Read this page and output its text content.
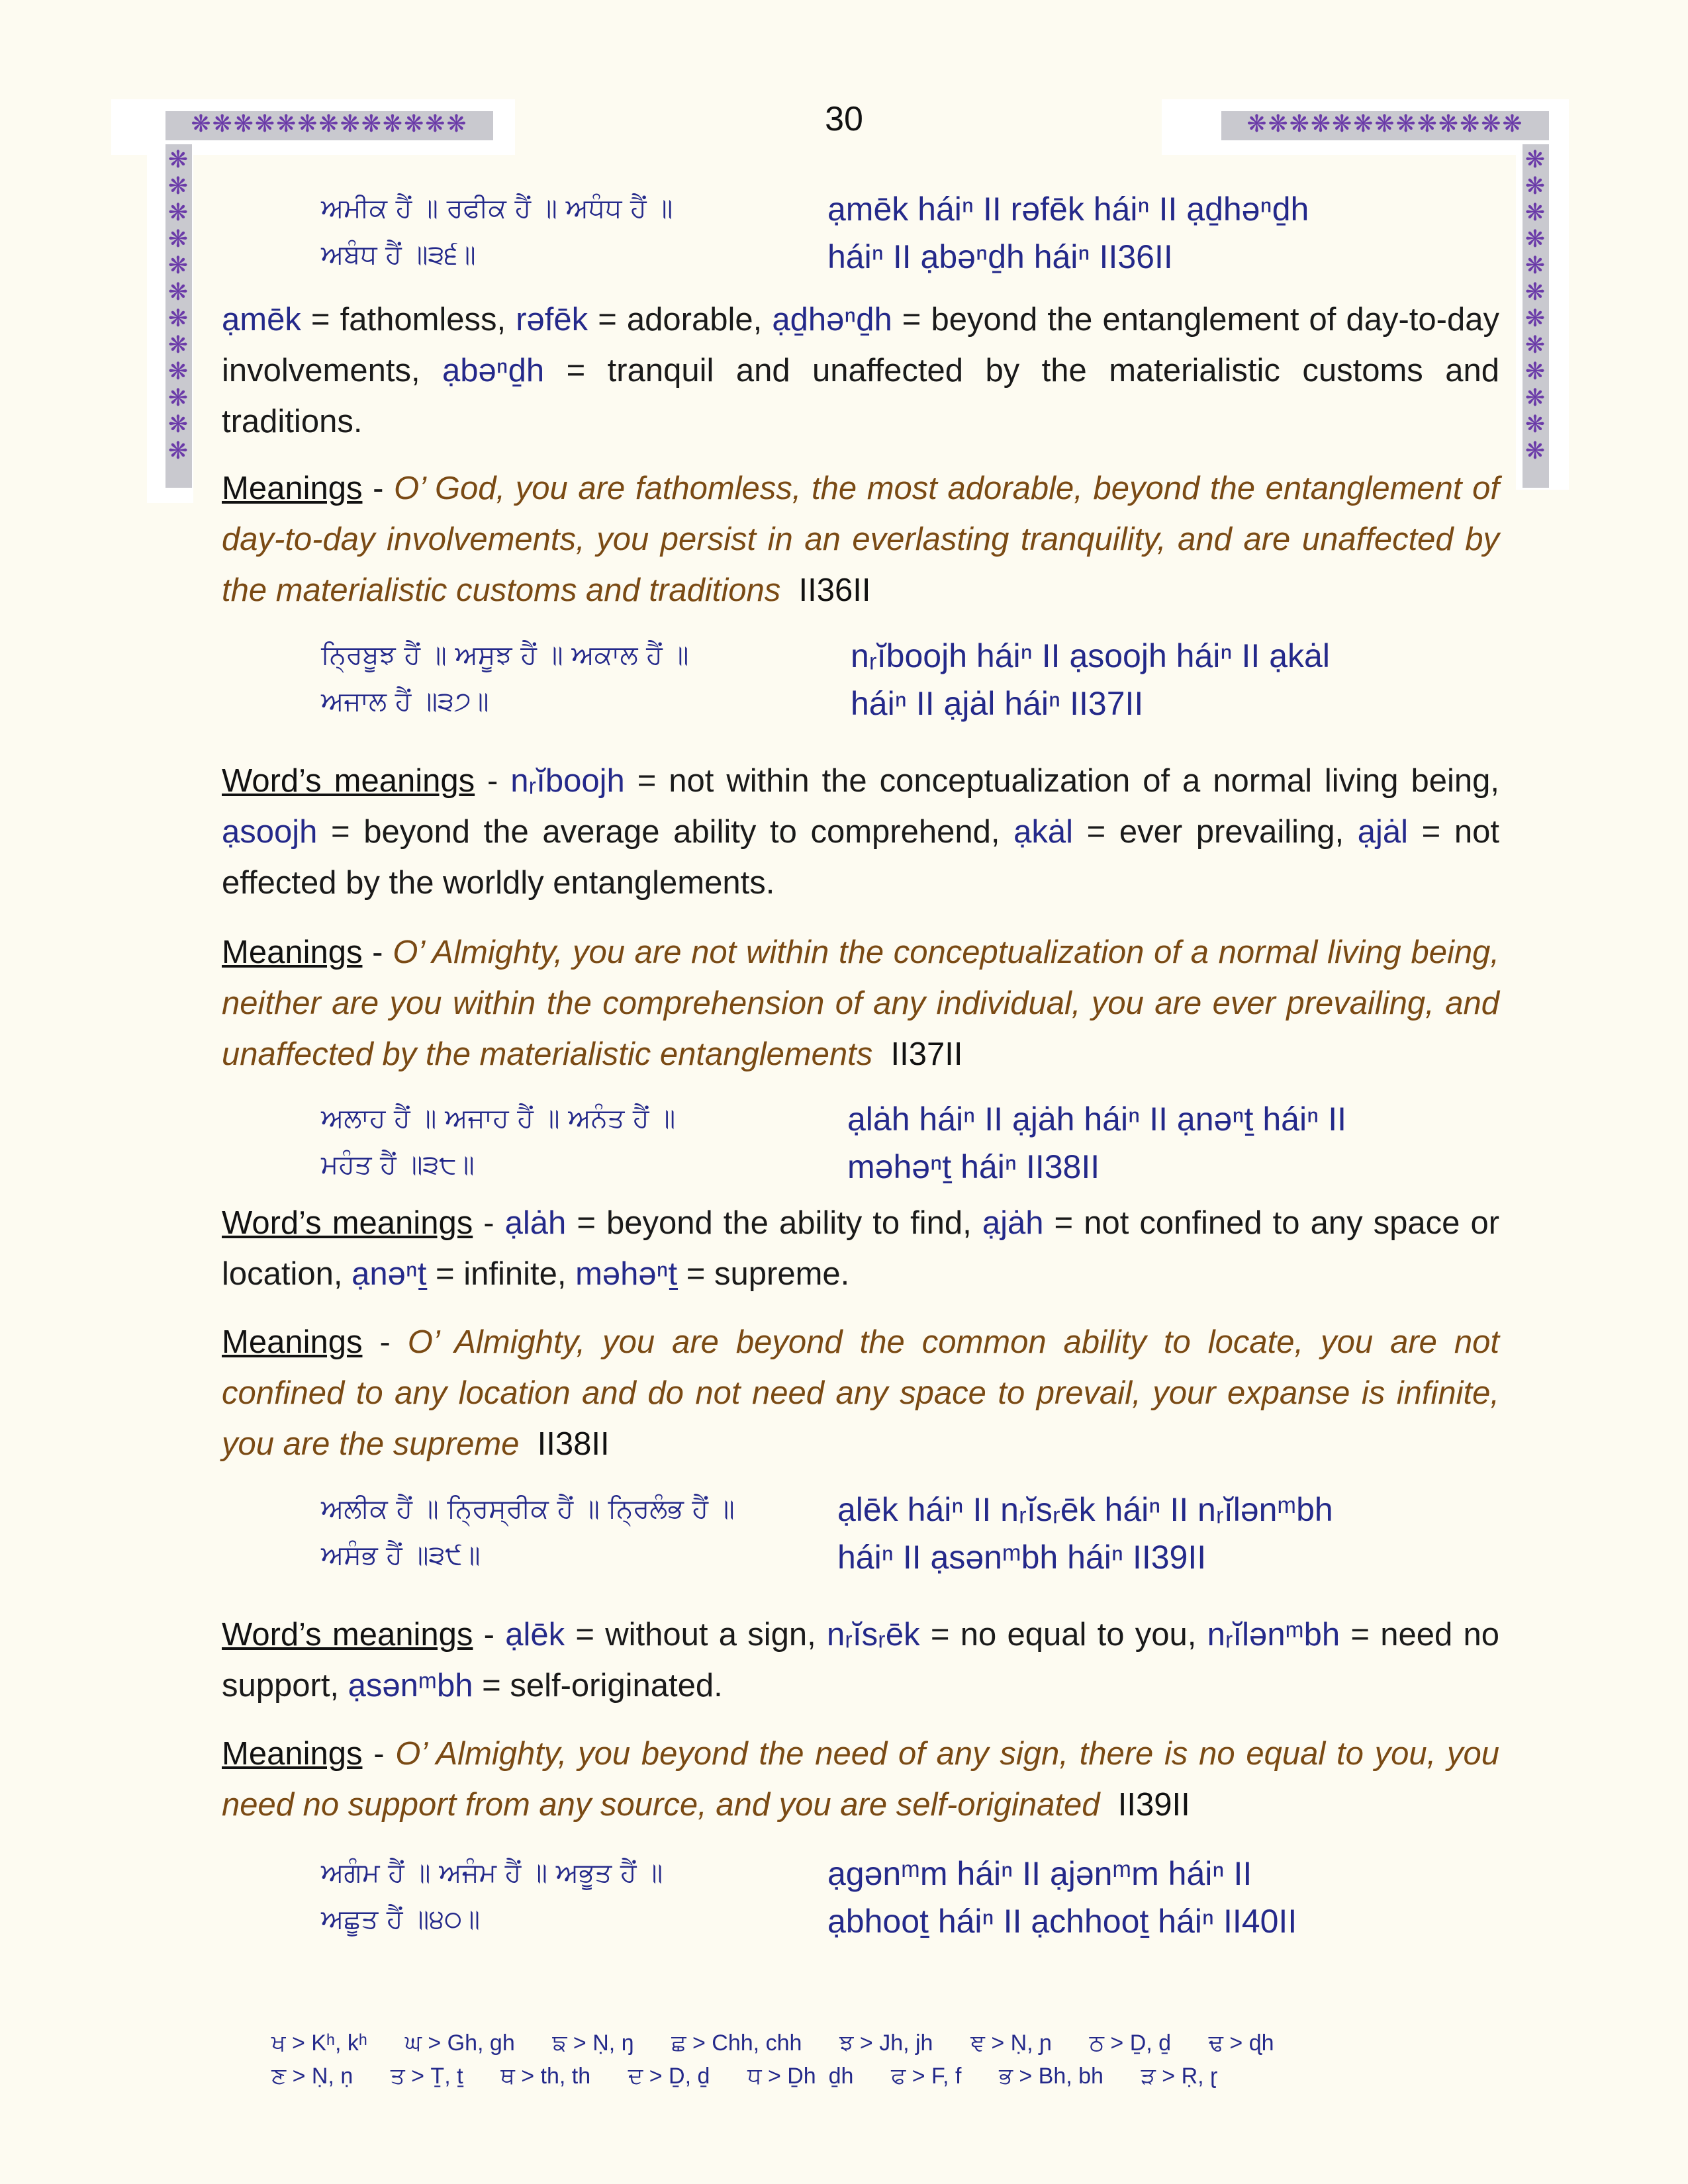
❋❋❋❋❋❋❋❋❋❋❋❋❋	❋❋❋❋❋❋❋❋❋❋❋❋❋
❋❋❋❋❋❋❋❋❋❋❋❋
❋❋❋❋❋❋❋❋❋❋❋❋
30

ਅਮੀਕ ਹੈਂ ॥ ਰਫੀਕ ਹੈਂ ॥ ਅਧੰਧ ਹੈਂ ॥
ਅਬੰਧ ਹੈਂ ॥੩੬॥

ạmēk háiⁿ II rəfēk háiⁿ II ạḏhəⁿḏh
háiⁿ II ạbəⁿḏh háiⁿ II36II

ạmēk = fathomless, rəfēk = adorable, ạḏhəⁿḏh = beyond the entanglement of day-to-day involvements, ạbəⁿḏh = tranquil and unaffected by the materialistic customs and traditions.

Meanings - O’ God, you are fathomless, the most adorable, beyond the entanglement of day-to-day involvements, you persist in an everlasting tranquility, and are unaffected by the materialistic customs and traditions II36II

ਨ੍ਰਿਬੂਝ ਹੈਂ ॥ ਅਸੂਝ ਹੈਂ ॥ ਅਕਾਲ ਹੈਂ ॥
ਅਜਾਲ ਹੈਂ ॥੩੭॥

nᵣĭboojh háiⁿ II ạsoojh háiⁿ II ạkȧl
háiⁿ II ạjȧl háiⁿ II37II

Word’s meanings - nᵣĭboojh = not within the conceptualization of a normal living being, ạsoojh = beyond the average ability to comprehend, ạkȧl = ever prevailing, ạjȧl = not effected by the worldly entanglements.

Meanings - O’ Almighty, you are not within the conceptualization of a normal living being, neither are you within the comprehension of any individual, you are ever prevailing, and unaffected by the materialistic entanglements II37II

ਅਲਾਹ ਹੈਂ ॥ ਅਜਾਹ ਹੈਂ ॥ ਅਨੰਤ ਹੈਂ ॥
ਮਹੰਤ ਹੈਂ ॥੩੮॥

ạlȧh háiⁿ II ạjȧh háiⁿ II ạnəⁿṯ háiⁿ II
məhəⁿṯ háiⁿ II38II

Word’s meanings - ạlȧh = beyond the ability to find, ạjȧh = not confined to any space or location, ạnəⁿṯ = infinite, məhəⁿṯ = supreme.

Meanings - O’ Almighty, you are beyond the common ability to locate, you are not confined to any location and do not need any space to prevail, your expanse is infinite, you are the supreme II38II

ਅਲੀਕ ਹੈਂ ॥ ਨ੍ਰਿਸ੍ਰੀਕ ਹੈਂ ॥ ਨ੍ਰਿਲੰਭ ਹੈਂ ॥
ਅਸੰਭ ਹੈਂ ॥੩੯॥

ạlēk háiⁿ II nᵣĭsᵣēk háiⁿ II nᵣĭlənᵐbh
háiⁿ II ạsənᵐbh háiⁿ II39II

Word’s meanings - ạlēk = without a sign, nᵣĭsᵣēk = no equal to you, nᵣĭlənᵐbh = need no support, ạsənᵐbh = self-originated.

Meanings - O’ Almighty, you beyond the need of any sign, there is no equal to you, you need no support from any source, and you are self-originated II39II

ਅਗੰਮ ਹੈਂ ॥ ਅਜੰਮ ਹੈਂ ॥ ਅਭੂਤ ਹੈਂ ॥
ਅਛੂਤ ਹੈਂ ॥੪੦॥

ạgənᵐm háiⁿ II ạjənᵐm háiⁿ II
ạbhooṯ háiⁿ II ạchhooṯ háiⁿ II40II

ਖ > Kʰ, kʰ      ਘ > Gh, gh      ਙ > Ṇ, ŋ      ਛ > Chh, chh      ਝ > Jh, jh      ਞ > Ṇ, ɲ      ਠ > Ḏ, ḏ      ਢ > ɖh

ਣ > Ṇ, ṇ      ਤ > Ṯ, ṯ      ਥ > th, th      ਦ > Ḏ, ḏ      ਧ > Ḏh  ḏh      ਫ > F, f      ਭ > Bh, bh      ੜ > Ṛ, ɽ
